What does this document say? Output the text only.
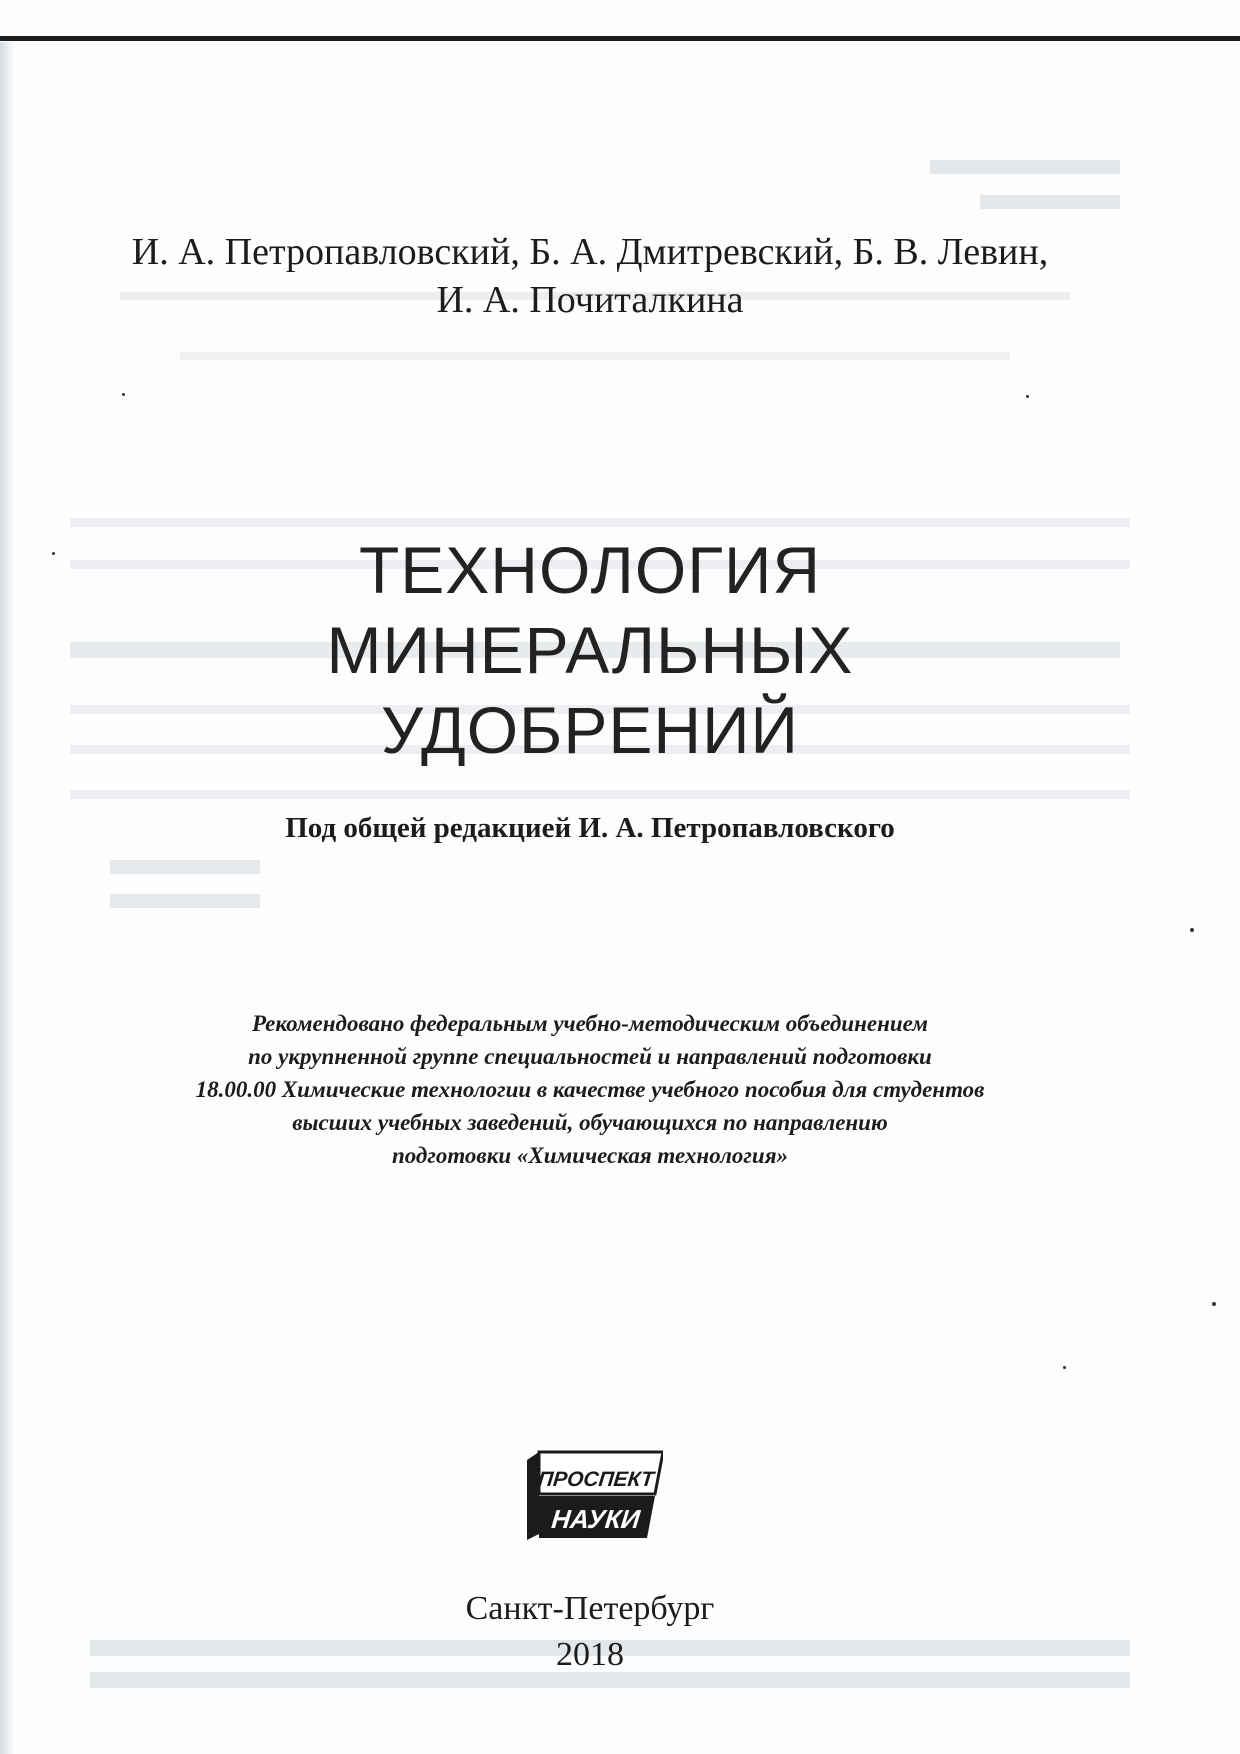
И. А. Петропавловский, Б. А. Дмитревский, Б. В. Левин,
И. А. Почиталкина
ТЕХНОЛОГИЯ
МИНЕРАЛЬНЫХ
УДОБРЕНИЙ
Под общей редакцией И. А. Петропавловского
Рекомендовано федеральным учебно-методическим объединением
по укрупненной группе специальностей и направлений подготовки
18.00.00 Химические технологии в качестве учебного пособия для студентов
высших учебных заведений, обучающихся по направлению
подготовки «Химическая технология»
ПРОСПЕКТ
НАУКИ
Санкт-Петербург
2018
